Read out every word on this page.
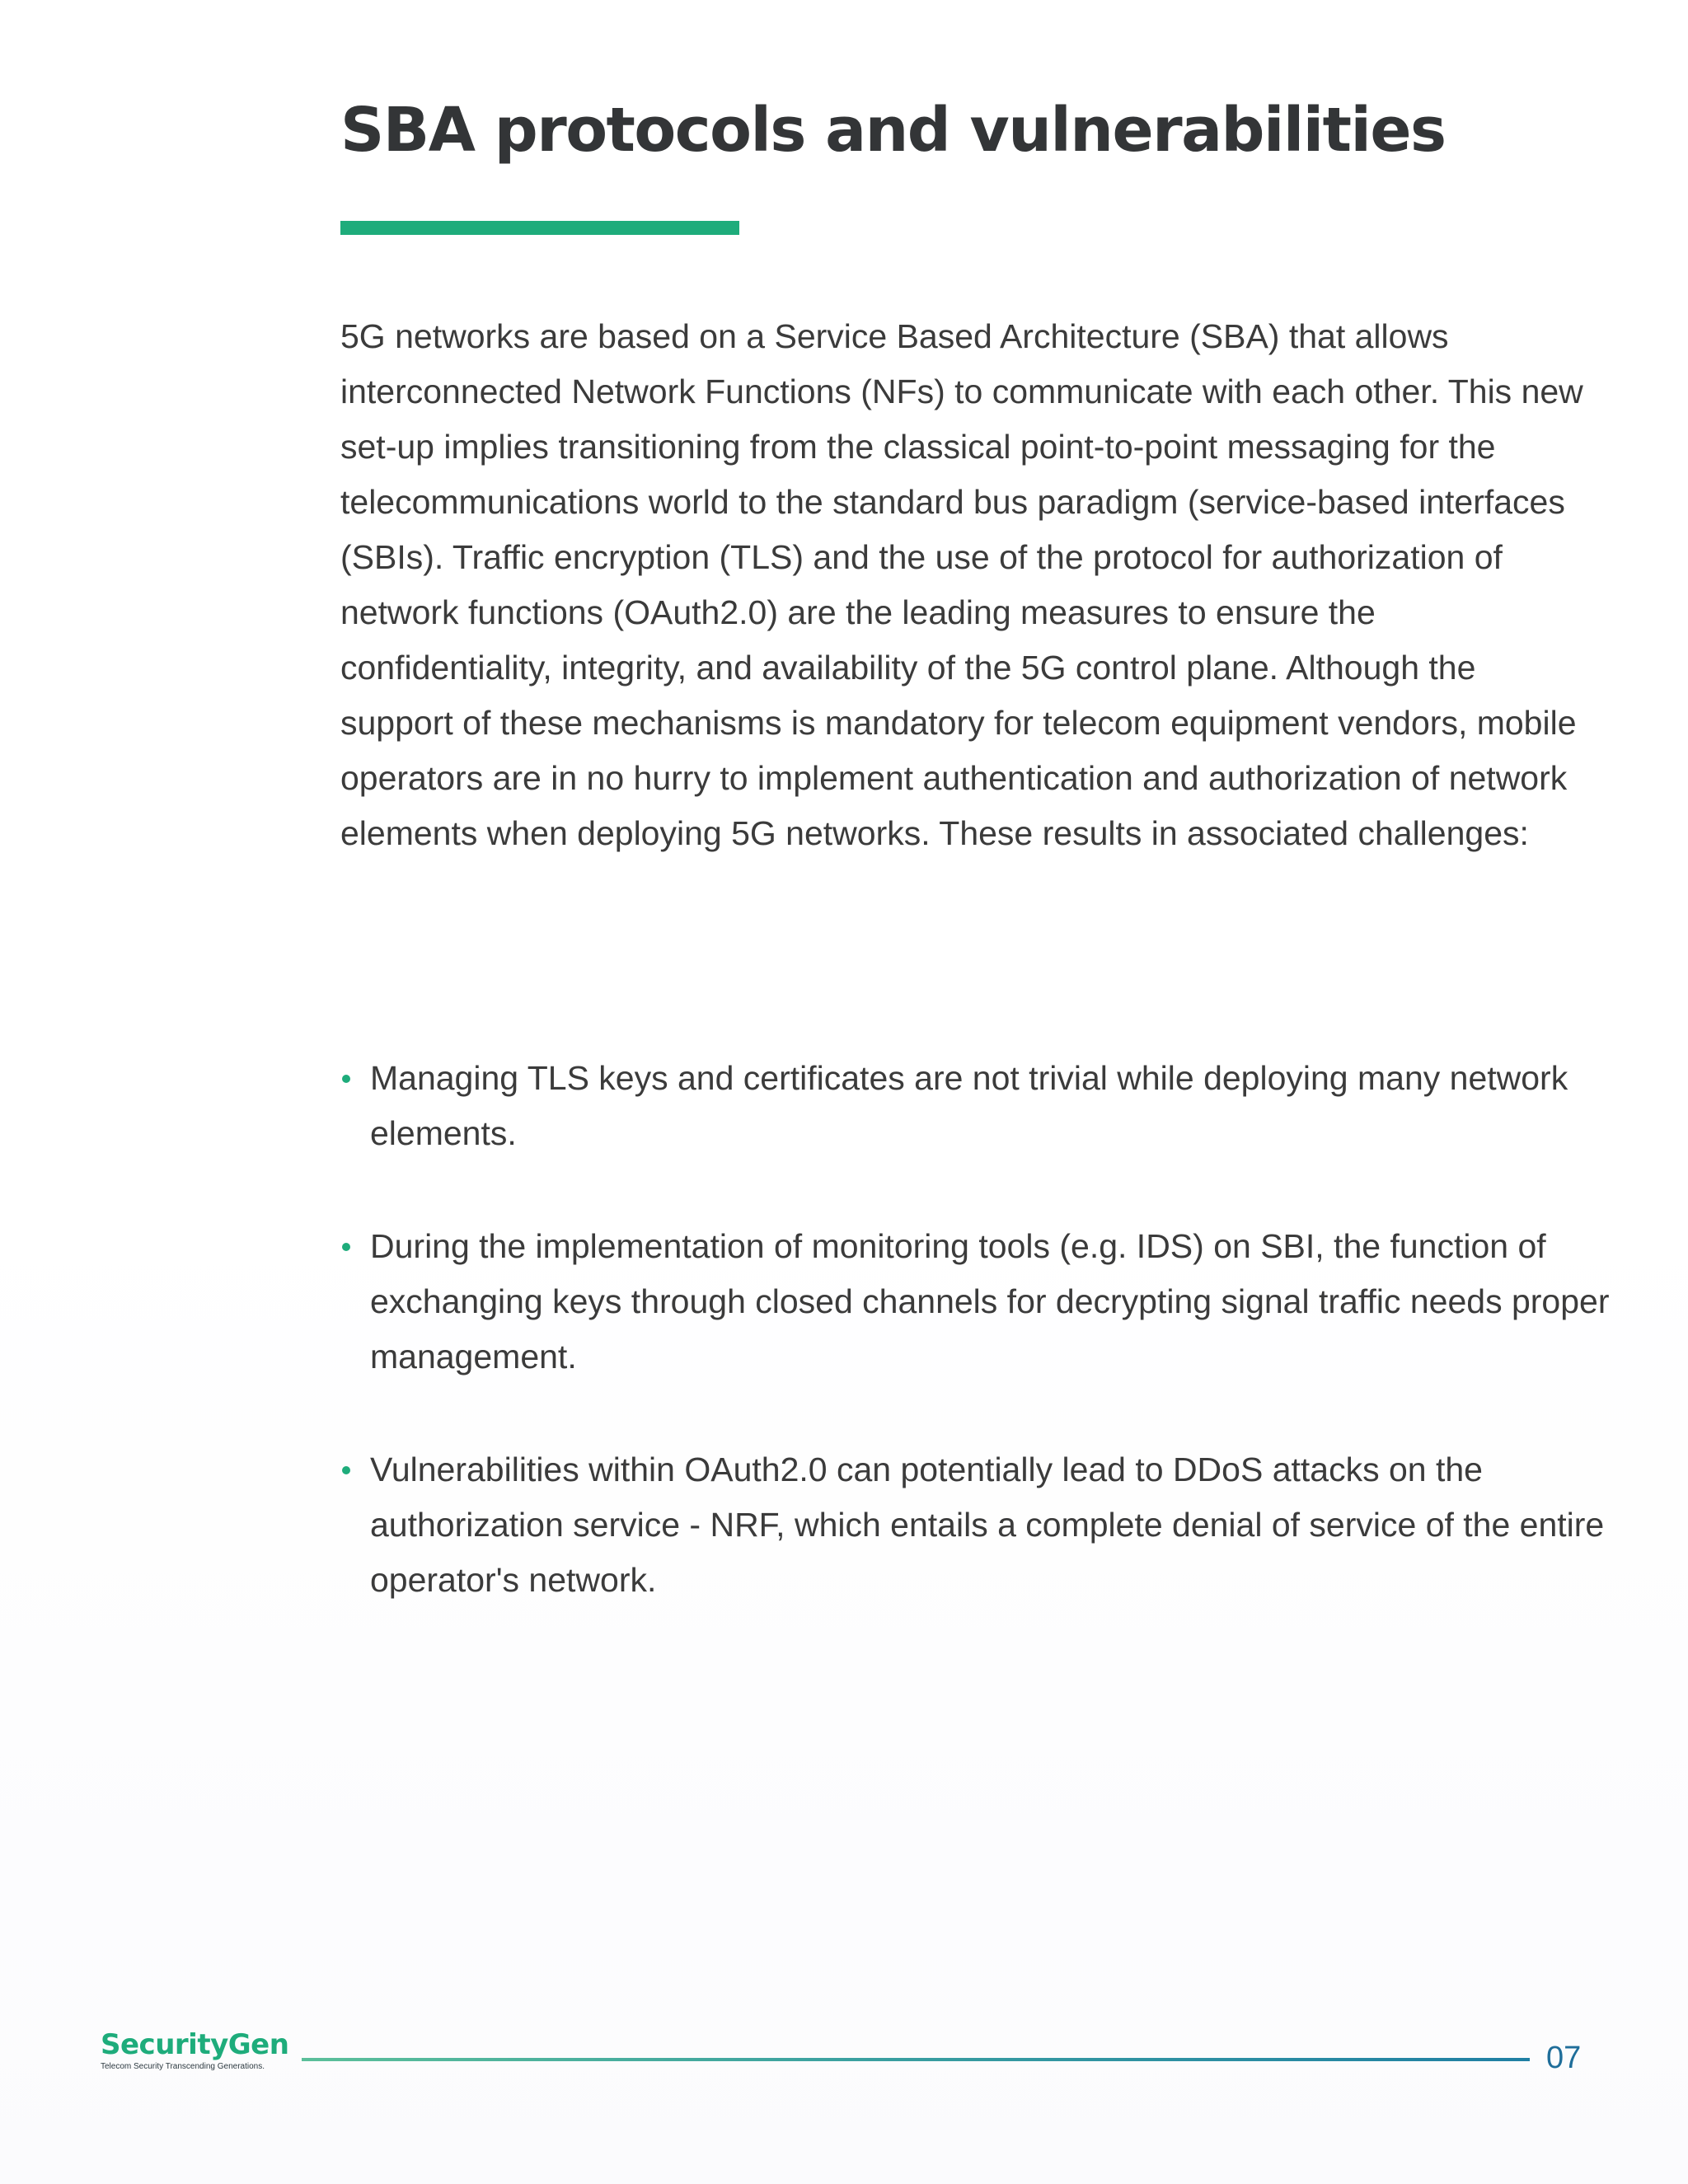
SBA protocols and vulnerabilities

5G networks are based on a Service Based Architecture (SBA) that allows interconnected Network Functions (NFs) to communicate with each other. This new set-up implies transitioning from the classical point-to-point messaging for the telecommunications world to the standard bus paradigm (service-based interfaces (SBIs). Traffic encryption (TLS) and the use of the protocol for authorization of network functions (OAuth2.0) are the leading measures to ensure the confidentiality, integrity, and availability of the 5G control plane. Although the support of these mechanisms is mandatory for telecom equipment vendors, mobile operators are in no hurry to implement authentication and authorization of network elements when deploying 5G networks. These results in associated challenges:

Managing TLS keys and certificates are not trivial while deploying many network elements.
During the implementation of monitoring tools (e.g. IDS) on SBI, the function of exchanging keys through closed channels for decrypting signal traffic needs proper management.
Vulnerabilities within OAuth2.0 can potentially lead to DDoS attacks on the authorization service - NRF, which entails a complete denial of service of the entire operator's network.
SecurityGen
Telecom Security Transcending Generations.	07
